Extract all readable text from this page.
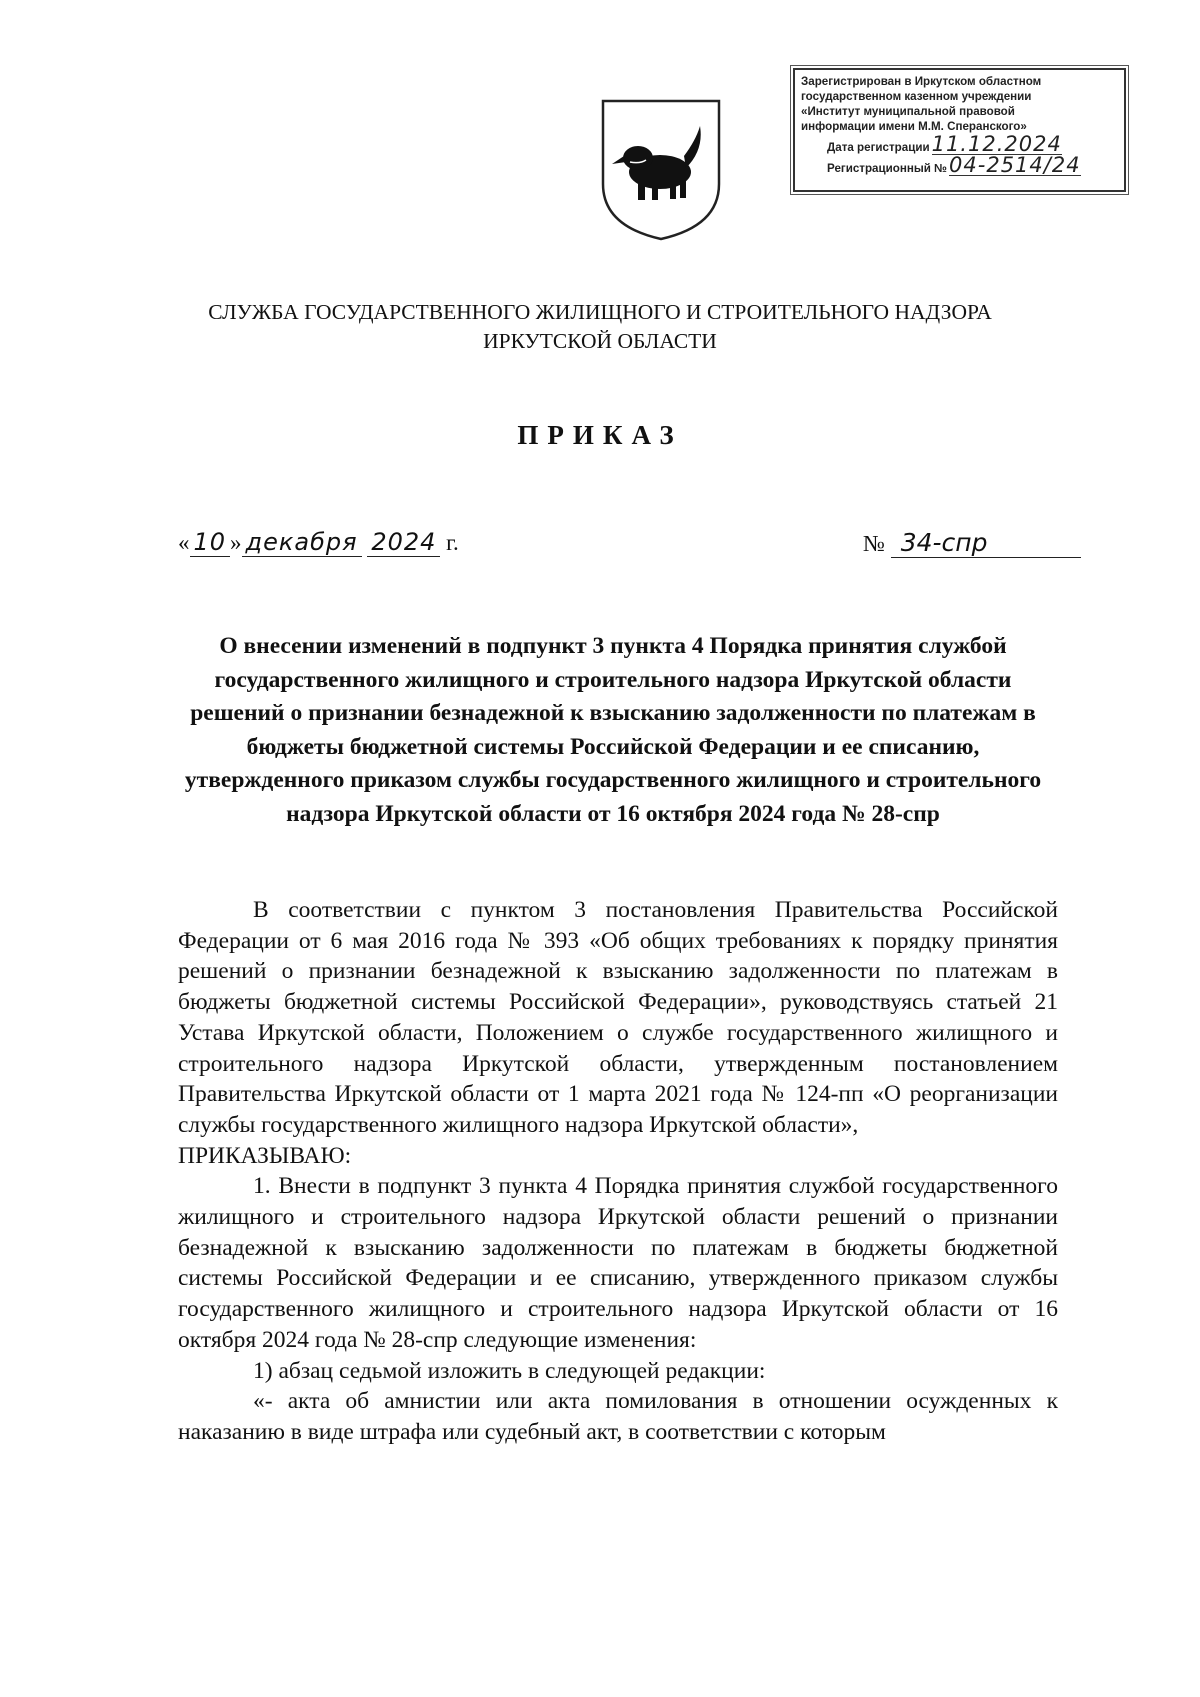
Зарегистрирован в Иркутском областном
государственном казенном учреждении
«Институт муниципальной правовой
информации имени М.М. Сперанского»
Дата регистрации 11.12.2024
Регистрационный № 04-2514/24
СЛУЖБА ГОСУДАРСТВЕННОГО ЖИЛИЩНОГО И СТРОИТЕЛЬНОГО НАДЗОРА
ИРКУТСКОЙ ОБЛАСТИ
ПРИКАЗ
« 10 » декабря 2024 г.	№ 34-спр
О внесении изменений в подпункт 3 пункта 4 Порядка принятия службой государственного жилищного и строительного надзора Иркутской области решений о признании безнадежной к взысканию задолженности по платежам в бюджеты бюджетной системы Российской Федерации и ее списанию, утвержденного приказом службы государственного жилищного и строительного надзора Иркутской области от 16 октября 2024 года № 28-спр

В соответствии с пунктом 3 постановления Правительства Российской Федерации от 6 мая 2016 года № 393 «Об общих требованиях к порядку принятия решений о признании безнадежной к взысканию задолженности по платежам в бюджеты бюджетной системы Российской Федерации», руководствуясь статьей 21 Устава Иркутской области, Положением о службе государственного жилищного и строительного надзора Иркутской области, утвержденным постановлением Правительства Иркутской области от 1 марта 2021 года № 124-пп «О реорганизации службы государственного жилищного надзора Иркутской области»,

ПРИКАЗЫВАЮ:

1. Внести в подпункт 3 пункта 4 Порядка принятия службой государственного жилищного и строительного надзора Иркутской области решений о признании безнадежной к взысканию задолженности по платежам в бюджеты бюджетной системы Российской Федерации и ее списанию, утвержденного приказом службы государственного жилищного и строительного надзора Иркутской области от 16 октября 2024 года № 28-спр следующие изменения:

1) абзац седьмой изложить в следующей редакции:

«- акта об амнистии или акта помилования в отношении осужденных к наказанию в виде штрафа или судебный акт, в соответствии с которым
